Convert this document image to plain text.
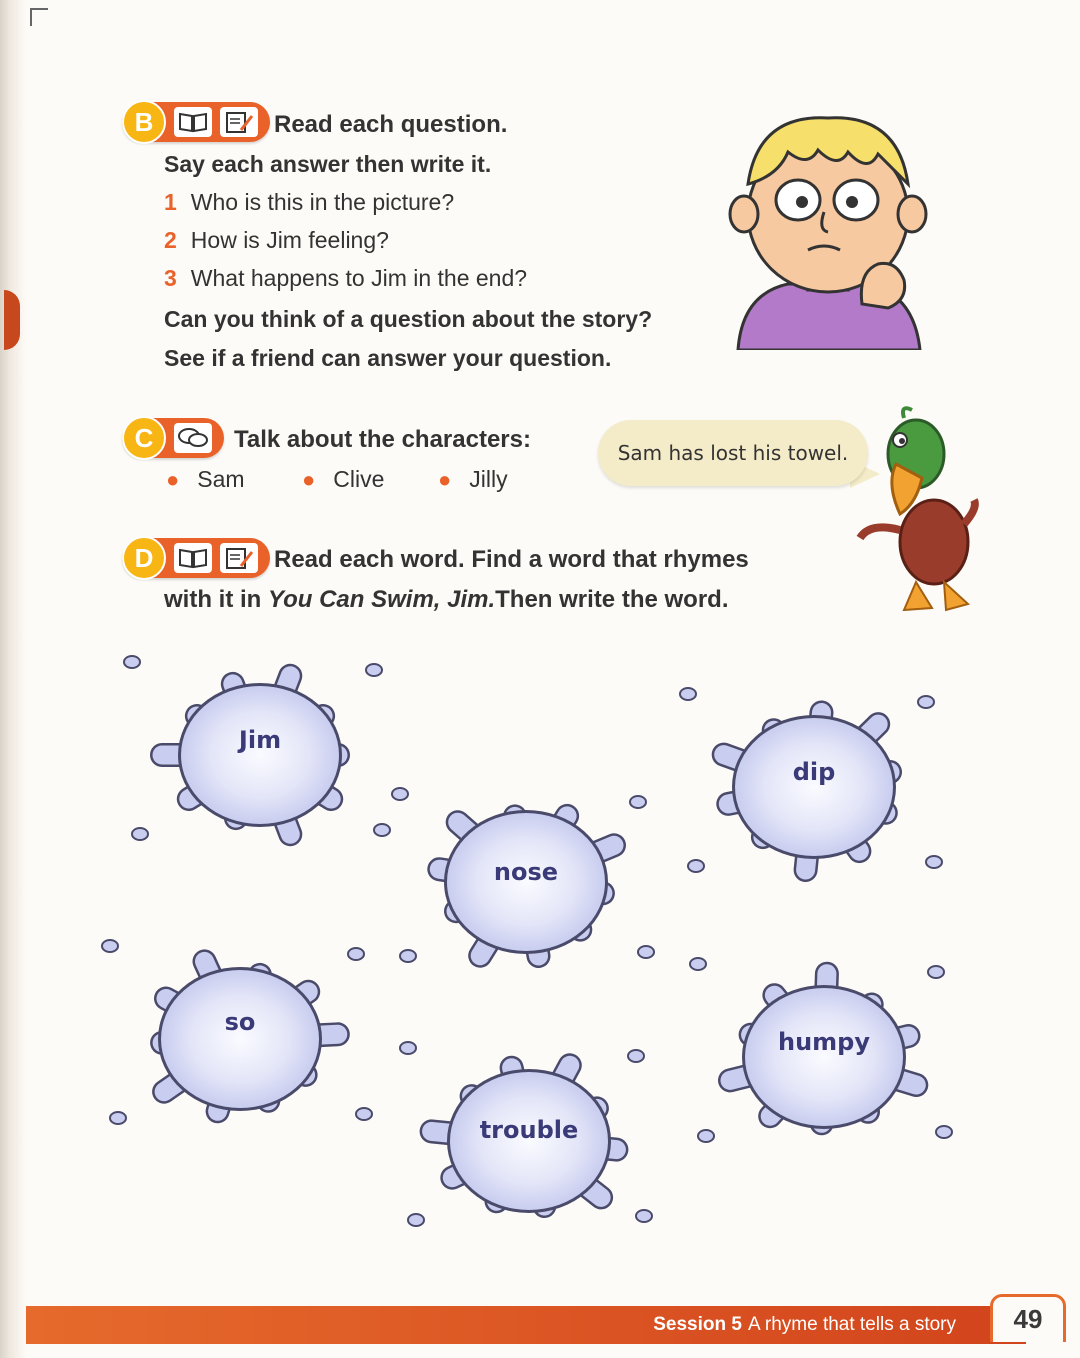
B	Read each question.
Say each answer then write it.
1 Who is this in the picture?
2 How is Jim feeling?
3 What happens to Jim in the end?
Can you think of a question about the story?
See if a friend can answer your question.
C	Talk about the characters:
● Sam	● Clive ● Jilly
Sam has lost his towel.
D	Read each word. Find a word that rhymes
with it in You Can Swim, Jim.Then write the word.
Jim
dip
nose
so
humpy
trouble
Session 5 A rhyme that tells a story	49
